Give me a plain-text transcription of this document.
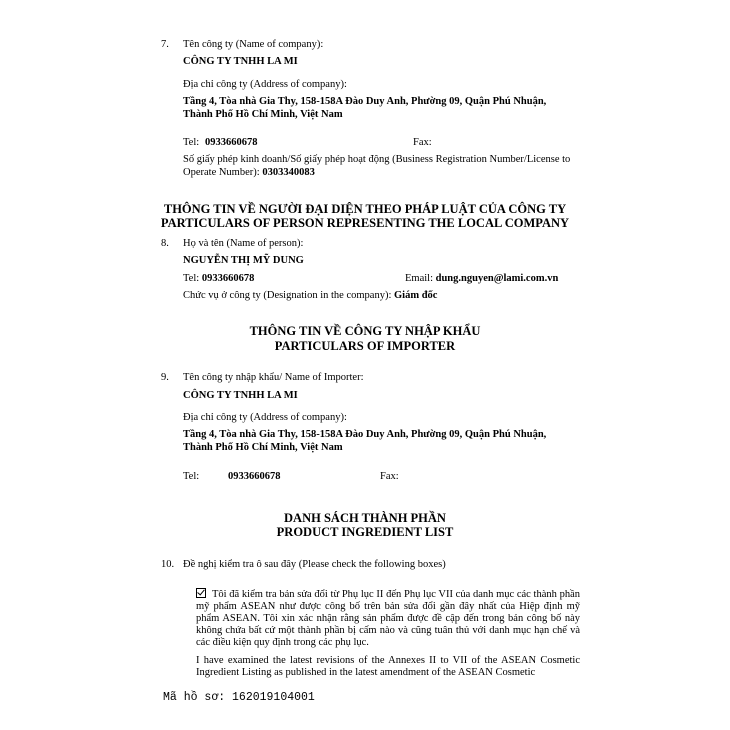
7. Tên công ty (Name of company):
CÔNG TY TNHH LA MI
Địa chỉ công ty (Address of company):
Tầng 4, Tòa nhà Gia Thy, 158-158A Đào Duy Anh, Phường 09, Quận Phú Nhuận,
Thành Phố Hồ Chí Minh, Việt Nam
Tel: 0933660678	Fax:
Số giấy phép kinh doanh/Số giấy phép hoạt động (Business Registration Number/License to
Operate Number): 0303340083
THÔNG TIN VỀ NGƯỜI ĐẠI DIỆN THEO PHÁP LUẬT CỦA CÔNG TY
PARTICULARS OF PERSON REPRESENTING THE LOCAL COMPANY
8. Họ và tên (Name of person):
NGUYỄN THỊ MỸ DUNG
Tel: 0933660678	Email: dung.nguyen@lami.com.vn
Chức vụ ở công ty (Designation in the company): Giám đốc
THÔNG TIN VỀ CÔNG TY NHẬP KHẨU
PARTICULARS OF IMPORTER
9. Tên công ty nhập khẩu/ Name of Importer:
CÔNG TY TNHH LA MI
Địa chỉ công ty (Address of company):
Tầng 4, Tòa nhà Gia Thy, 158-158A Đào Duy Anh, Phường 09, Quận Phú Nhuận,
Thành Phố Hồ Chí Minh, Việt Nam
Tel:	0933660678	Fax:
DANH SÁCH THÀNH PHẦN
PRODUCT INGREDIENT LIST
10. Đề nghị kiểm tra ô sau đây (Please check the following boxes)
Tôi đã kiểm tra bản sửa đổi từ Phụ lục II đến Phụ lục VII của danh mục các thành phần mỹ phẩm ASEAN như được công bố trên bản sửa đổi gần đây nhất của Hiệp định mỹ phẩm ASEAN. Tôi xin xác nhận rằng sản phẩm được đề cập đến trong bản công bố này không chứa bất cứ một thành phần bị cấm nào và cũng tuân thủ với danh mục hạn chế và các điều kiện quy định trong các phụ lục.
I have examined the latest revisions of the Annexes II to VII of the ASEAN Cosmetic Ingredient Listing as published in the latest amendment of the ASEAN Cosmetic
Mã hồ sơ: 162019104001
